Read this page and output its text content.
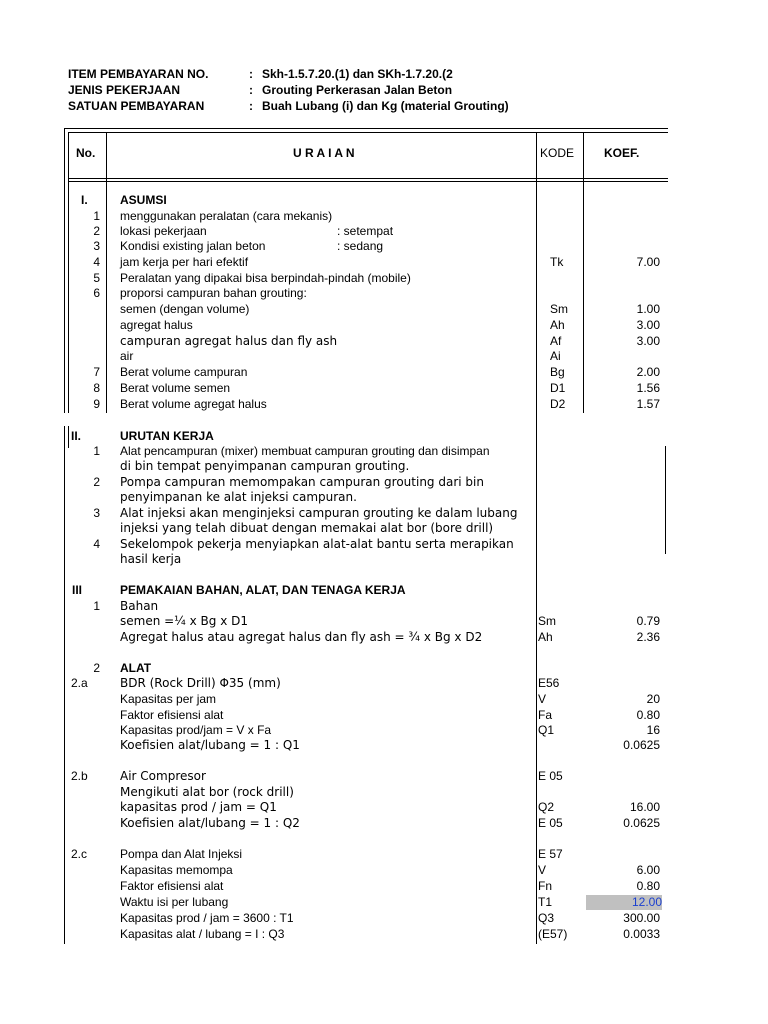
ITEM PEMBAYARAN NO.	: Skh-1.5.7.20.(1) dan SKh-1.7.20.(2
JENIS PEKERJAAN	: Grouting Perkerasan Jalan Beton
SATUAN PEMBAYARAN	: Buah Lubang (i) dan Kg (material Grouting)
No.	U R A I A N	KODE KOEF.
I.	ASUMSI
1 menggunakan peralatan (cara mekanis)
2 lokasi pekerjaan	: setempat
3 Kondisi existing jalan beton	: sedang
4 jam kerja per hari efektif	Tk	7.00
5 Peralatan yang dipakai bisa berpindah-pindah (mobile)
6 proporsi campuran bahan grouting:
semen (dengan volume)	Sm	1.00
agregat halus	Ah	3.00
campuran agregat halus dan fly ash	Af	3.00
air	Ai
7 Berat volume campuran	Bg	2.00
8 Berat volume semen	D1	1.56
9 Berat volume agregat halus	D2	1.57
II.	URUTAN KERJA
1 Alat pencampuran (mixer) membuat campuran grouting dan disimpan
di bin tempat penyimpanan campuran grouting.
2 Pompa campuran memompakan campuran grouting dari bin
penyimpanan ke alat injeksi campuran.
3 Alat injeksi akan menginjeksi campuran grouting ke dalam lubang
injeksi yang telah dibuat dengan memakai alat bor (bore drill)
4 Sekelompok pekerja menyiapkan alat-alat bantu serta merapikan
hasil kerja
III	PEMAKAIAN BAHAN, ALAT, DAN TENAGA KERJA
1 Bahan
semen =¼ x Bg x D1	Sm	0.79
Agregat halus atau agregat halus dan fly ash = ¾ x Bg x D2	Ah	2.36
2 ALAT
2.a	BDR (Rock Drill) Φ35 (mm)	E56
Kapasitas per jam	V	20
Faktor efisiensi alat	Fa	0.80
Kapasitas prod/jam = V x Fa	Q1	16
Koefisien alat/lubang = 1 : Q1	0.0625
2.b	Air Compresor	E 05
Mengikuti alat bor (rock drill)
kapasitas prod / jam = Q1	Q2	16.00
Koefisien alat/lubang = 1 : Q2	E 05	0.0625
2.c	Pompa dan Alat Injeksi	E 57
Kapasitas memompa	V	6.00
Faktor efisiensi alat	Fn	0.80
Waktu isi per lubang	T1	12.00
Kapasitas prod / jam = 3600 : T1	Q3	300.00
Kapasitas alat / lubang = I : Q3	(E57)	0.0033
